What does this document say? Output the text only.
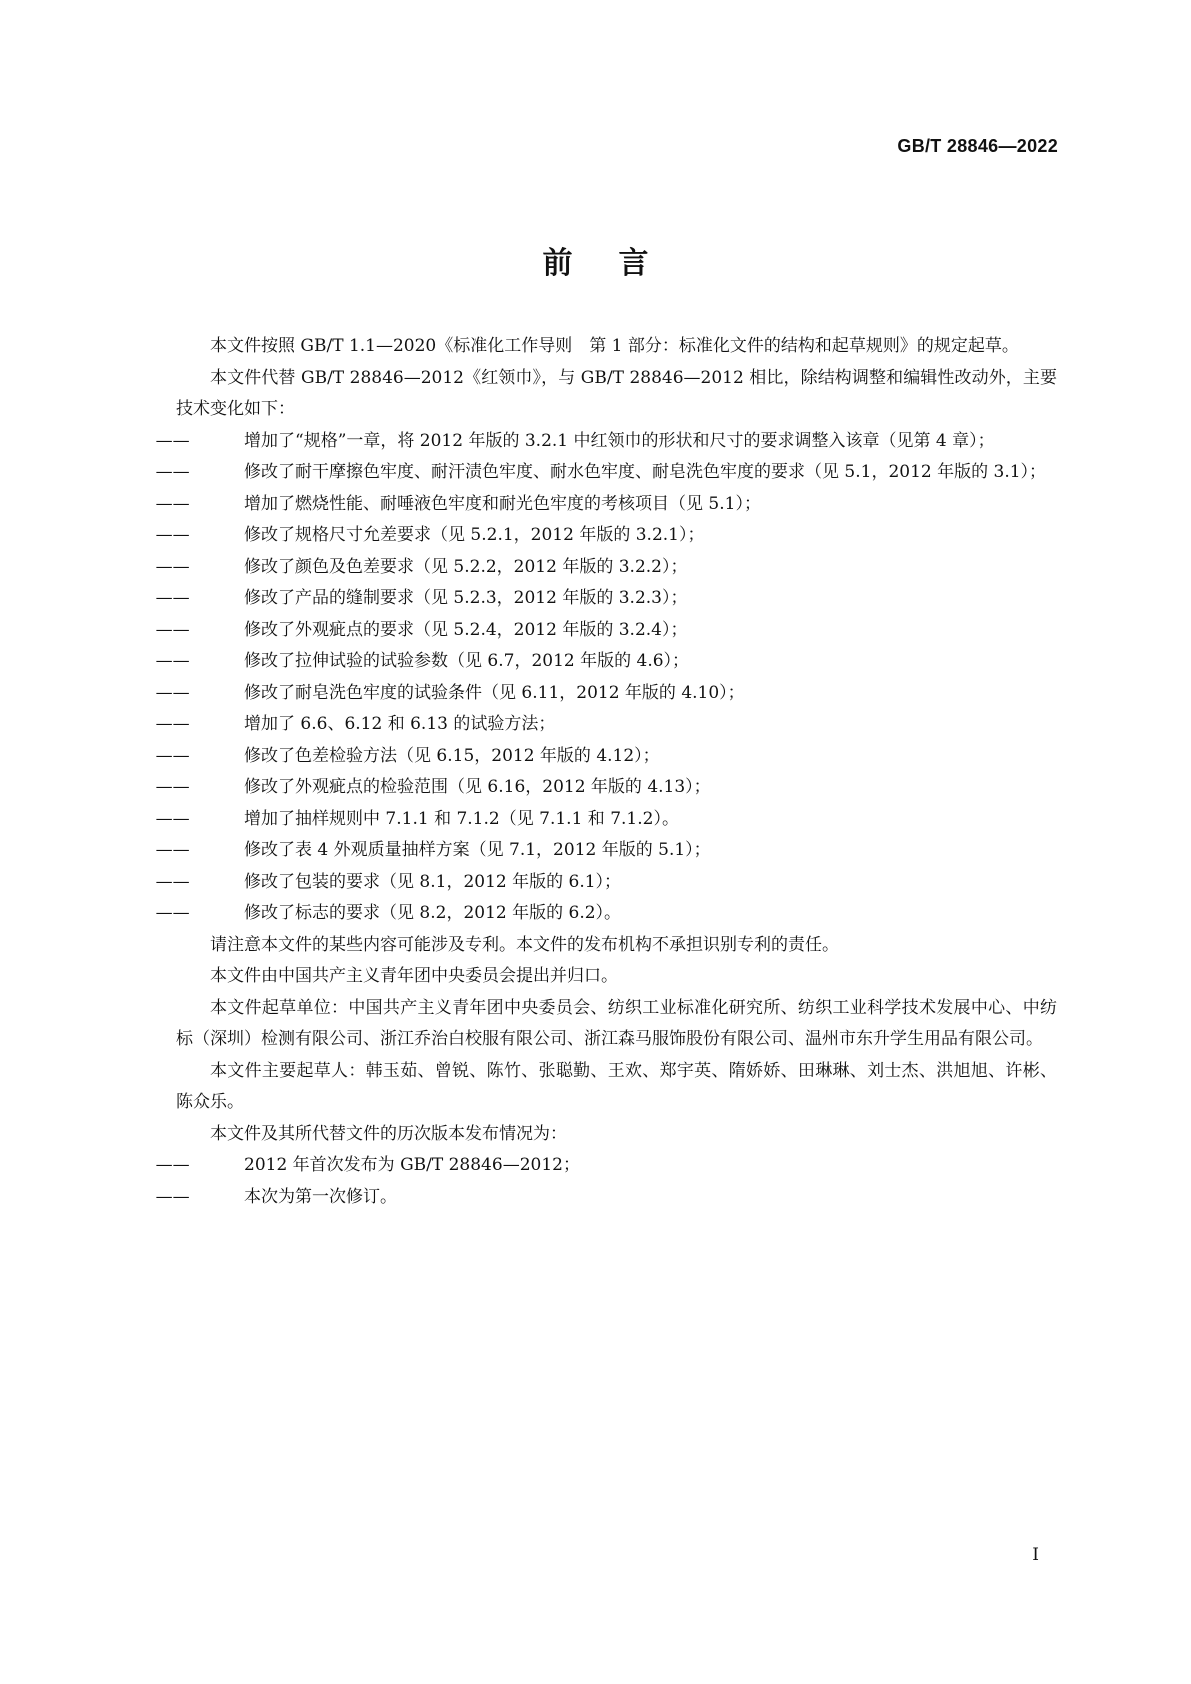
GB/T 28846—2022
前言

本文件按照 GB/T 1.1—2020《标准化工作导则　第 1 部分：标准化文件的结构和起草规则》的规定起草。

本文件代替 GB/T 28846—2012《红领巾》，与 GB/T 28846—2012 相比，除结构调整和编辑性改动外，主要技术变化如下：

——	增加了“规格”一章，将 2012 年版的 3.2.1 中红领巾的形状和尺寸的要求调整入该章（见第 4 章）；

——	修改了耐干摩擦色牢度、耐汗渍色牢度、耐水色牢度、耐皂洗色牢度的要求（见 5.1，2012 年版的 3.1）；

——	增加了燃烧性能、耐唾液色牢度和耐光色牢度的考核项目（见 5.1）；

——	修改了规格尺寸允差要求（见 5.2.1，2012 年版的 3.2.1）；

——	修改了颜色及色差要求（见 5.2.2，2012 年版的 3.2.2）；

——	修改了产品的缝制要求（见 5.2.3，2012 年版的 3.2.3）；

——	修改了外观疵点的要求（见 5.2.4，2012 年版的 3.2.4）；

——	修改了拉伸试验的试验参数（见 6.7，2012 年版的 4.6）；

——	修改了耐皂洗色牢度的试验条件（见 6.11，2012 年版的 4.10）；

——	增加了 6.6、6.12 和 6.13 的试验方法；

——	修改了色差检验方法（见 6.15，2012 年版的 4.12）；

——	修改了外观疵点的检验范围（见 6.16，2012 年版的 4.13）；

——	增加了抽样规则中 7.1.1 和 7.1.2（见 7.1.1 和 7.1.2）。

——	修改了表 4 外观质量抽样方案（见 7.1，2012 年版的 5.1）；

——	修改了包装的要求（见 8.1，2012 年版的 6.1）；

——	修改了标志的要求（见 8.2，2012 年版的 6.2）。

请注意本文件的某些内容可能涉及专利。本文件的发布机构不承担识别专利的责任。

本文件由中国共产主义青年团中央委员会提出并归口。

本文件起草单位：中国共产主义青年团中央委员会、纺织工业标准化研究所、纺织工业科学技术发展中心、中纺标（深圳）检测有限公司、浙江乔治白校服有限公司、浙江森马服饰股份有限公司、温州市东升学生用品有限公司。

本文件主要起草人：韩玉茹、曾锐、陈竹、张聪勤、王欢、郑宇英、隋娇娇、田琳琳、刘士杰、洪旭旭、许彬、陈众乐。

本文件及其所代替文件的历次版本发布情况为：

——	2012 年首次发布为 GB/T 28846—2012；

——	本次为第一次修订。

I
